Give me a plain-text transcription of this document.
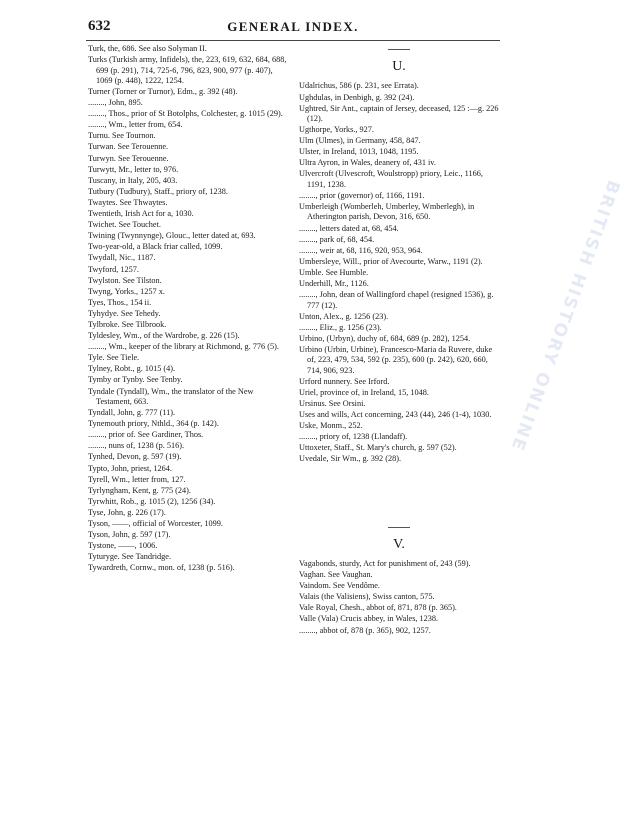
632	GENERAL INDEX.
Turk, the, 686. See also Solyman II.
Turks (Turkish army, Infidels), the, 223, 619, 632, 684, 688, 699 (p. 291), 714, 725-6, 796, 823, 900, 977 (p. 407), 1069 (p. 448), 1222, 1254.
Turner (Torner or Turnor), Edm., g. 392 (48).
........, John, 895.
........, Thos., prior of St Botolphs, Colchester, g. 1015 (29).
........, Wm., letter from, 654.
Turnu. See Tournon.
Turwan. See Terouenne.
Turwyn. See Terouenne.
Turwytt, Mr., letter to, 976.
Tuscany, in Italy, 205, 403.
Tutbury (Tudbury), Staff., priory of, 1238.
Twaytes. See Thwaytes.
Twentieth, Irish Act for a, 1030.
Twichet. See Touchet.
Twining (Twynnynge), Glouc., letter dated at, 693.
Two-year-old, a Black friar called, 1099.
Twydall, Nic., 1187.
Twyford, 1257.
Twylston. See Tilston.
Twyng, Yorks., 1257 x.
Tyes, Thos., 154 ii.
Tyhydye. See Tehedy.
Tylbroke. See Tilbrook.
Tyldesley, Wm., of the Wardrobe, g. 226 (15).
........, Wm., keeper of the library at Richmond, g. 776 (5).
Tyle. See Tiele.
Tylney, Robt., g. 1015 (4).
Tymby or Tynby. See Tenby.
Tyndale (Tyndall), Wm., the translator of the New Testament, 663.
Tyndall, John, g. 777 (11).
Tynemouth priory, Nthld., 364 (p. 142).
........, prior of. See Gardiner, Thos.
........, nuns of, 1238 (p. 516).
Tynhed, Devon, g. 597 (19).
Typto, John, priest, 1264.
Tyrell, Wm., letter from, 127.
Tyrlyngham, Kent, g. 775 (24).
Tyrwhitt, Rob., g. 1015 (2), 1256 (34).
Tyse, John, g. 226 (17).
Tyson, ——, official of Worcester, 1099.
Tyson, John, g. 597 (17).
Tystone, ——, 1006.
Tyturyge. See Tandridge.
Tywardreth, Cornw., mon. of, 1238 (p. 516).
U.
Udalrichus, 586 (p. 231, see Errata).
Ughdulas, in Denbigh, g. 392 (24).
Ughtred, Sir Ant., captain of Jersey, deceased, 125 :—g. 226 (12).
Ugthorpe, Yorks., 927.
Ulm (Ulmes), in Germany, 458, 847.
Ulster, in Ireland, 1013, 1048, 1195.
Ultra Ayron, in Wales, deanery of, 431 iv.
Ulvercroft (Ulvescroft, Woulstropp) priory, Leic., 1166, 1191, 1238.
........, prior (governor) of, 1166, 1191.
Umberleigh (Womberleh, Umberley, Wmberlegh), in Atherington parish, Devon, 316, 650.
........, letters dated at, 68, 454.
........, park of, 68, 454.
........, weir at, 68, 116, 920, 953, 964.
Umbersleye, Will., prior of Avecourte, Warw., 1191 (2).
Umble. See Humble.
Underhill, Mr., 1126.
........, John, dean of Wallingford chapel (resigned 1536), g. 777 (12).
Unton, Alex., g. 1256 (23).
........, Eliz., g. 1256 (23).
Urbino, (Urbyn), duchy of, 684, 689 (p. 282), 1254.
Urbino (Urbin, Urbine), Francesco-Maria da Ruvere, duke of, 223, 479, 534, 592 (p. 235), 600 (p. 242), 620, 660, 714, 906, 923.
Urford nunnery. See Irford.
Uriel, province of, in Ireland, 15, 1048.
Ursinus. See Orsini.
Uses and wills, Act concerning, 243 (44), 246 (1-4), 1030.
Uske, Monm., 252.
........, priory of, 1238 (Llandaff).
Uttoxeter, Staff., St. Mary's church, g. 597 (52).
Uvedale, Sir Wm., g. 392 (28).
V.
Vagabonds, sturdy, Act for punishment of, 243 (59).
Vaghan. See Vaughan.
Vaindom. See Vendôme.
Valais (the Valisiens), Swiss canton, 575.
Vale Royal, Chesh., abbot of, 871, 878 (p. 365).
Valle (Vala) Crucis abbey, in Wales, 1238.
........, abbot of, 878 (p. 365), 902, 1257.
BRITISH HISTORY ONLINE
